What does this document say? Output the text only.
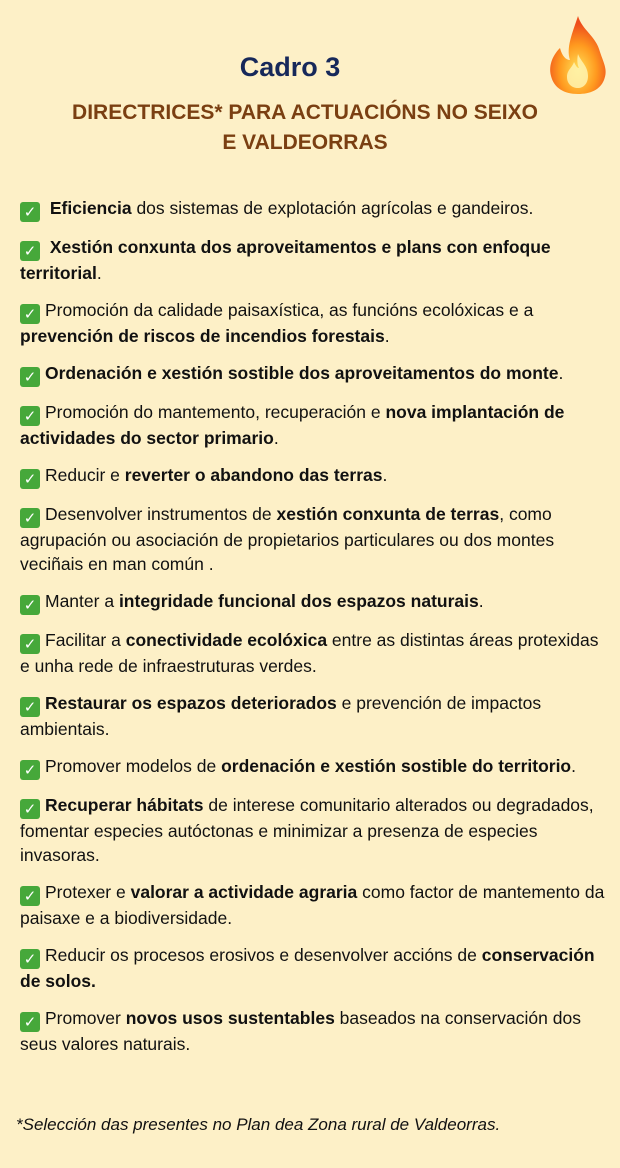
Cadro 3
DIRECTRICES* PARA ACTUACIÓNS NO SEIXO
E VALDEORRAS
✓ Eficiencia dos sistemas de explotación agrícolas e gandeiros.
✓ Xestión conxunta dos aproveitamentos e plans con enfoque territorial.
✓ Promoción da calidade paisaxística, as funcións ecolóxicas e a prevención de riscos de incendios forestais.
✓ Ordenación e xestión sostible dos aproveitamentos do monte.
✓ Promoción do mantemento, recuperación e nova implantación de actividades do sector primario.
✓ Reducir e reverter o abandono das terras.
✓ Desenvolver instrumentos de xestión conxunta de terras, como agrupación ou asociación de propietarios particulares ou dos montes veciñais en man común .
✓ Manter a integridade funcional dos espazos naturais.
✓ Facilitar a conectividade ecolóxica entre as distintas áreas protexidas e unha rede de infraestruturas verdes.
✓ Restaurar os espazos deteriorados e prevención de impactos ambientais.
✓ Promover modelos de ordenación e xestión sostible do territorio.
✓ Recuperar hábitats de interese comunitario alterados ou degradados, fomentar especies autóctonas e minimizar a presenza de especies invasoras.
✓ Protexer e valorar a actividade agraria como factor de mantemento da paisaxe e a biodiversidade.
✓ Reducir os procesos erosivos e desenvolver accións de conservación de solos.
✓ Promover novos usos sustentables baseados na conservación dos seus valores naturais.
*Selección das presentes no Plan dea Zona rural de Valdeorras.
